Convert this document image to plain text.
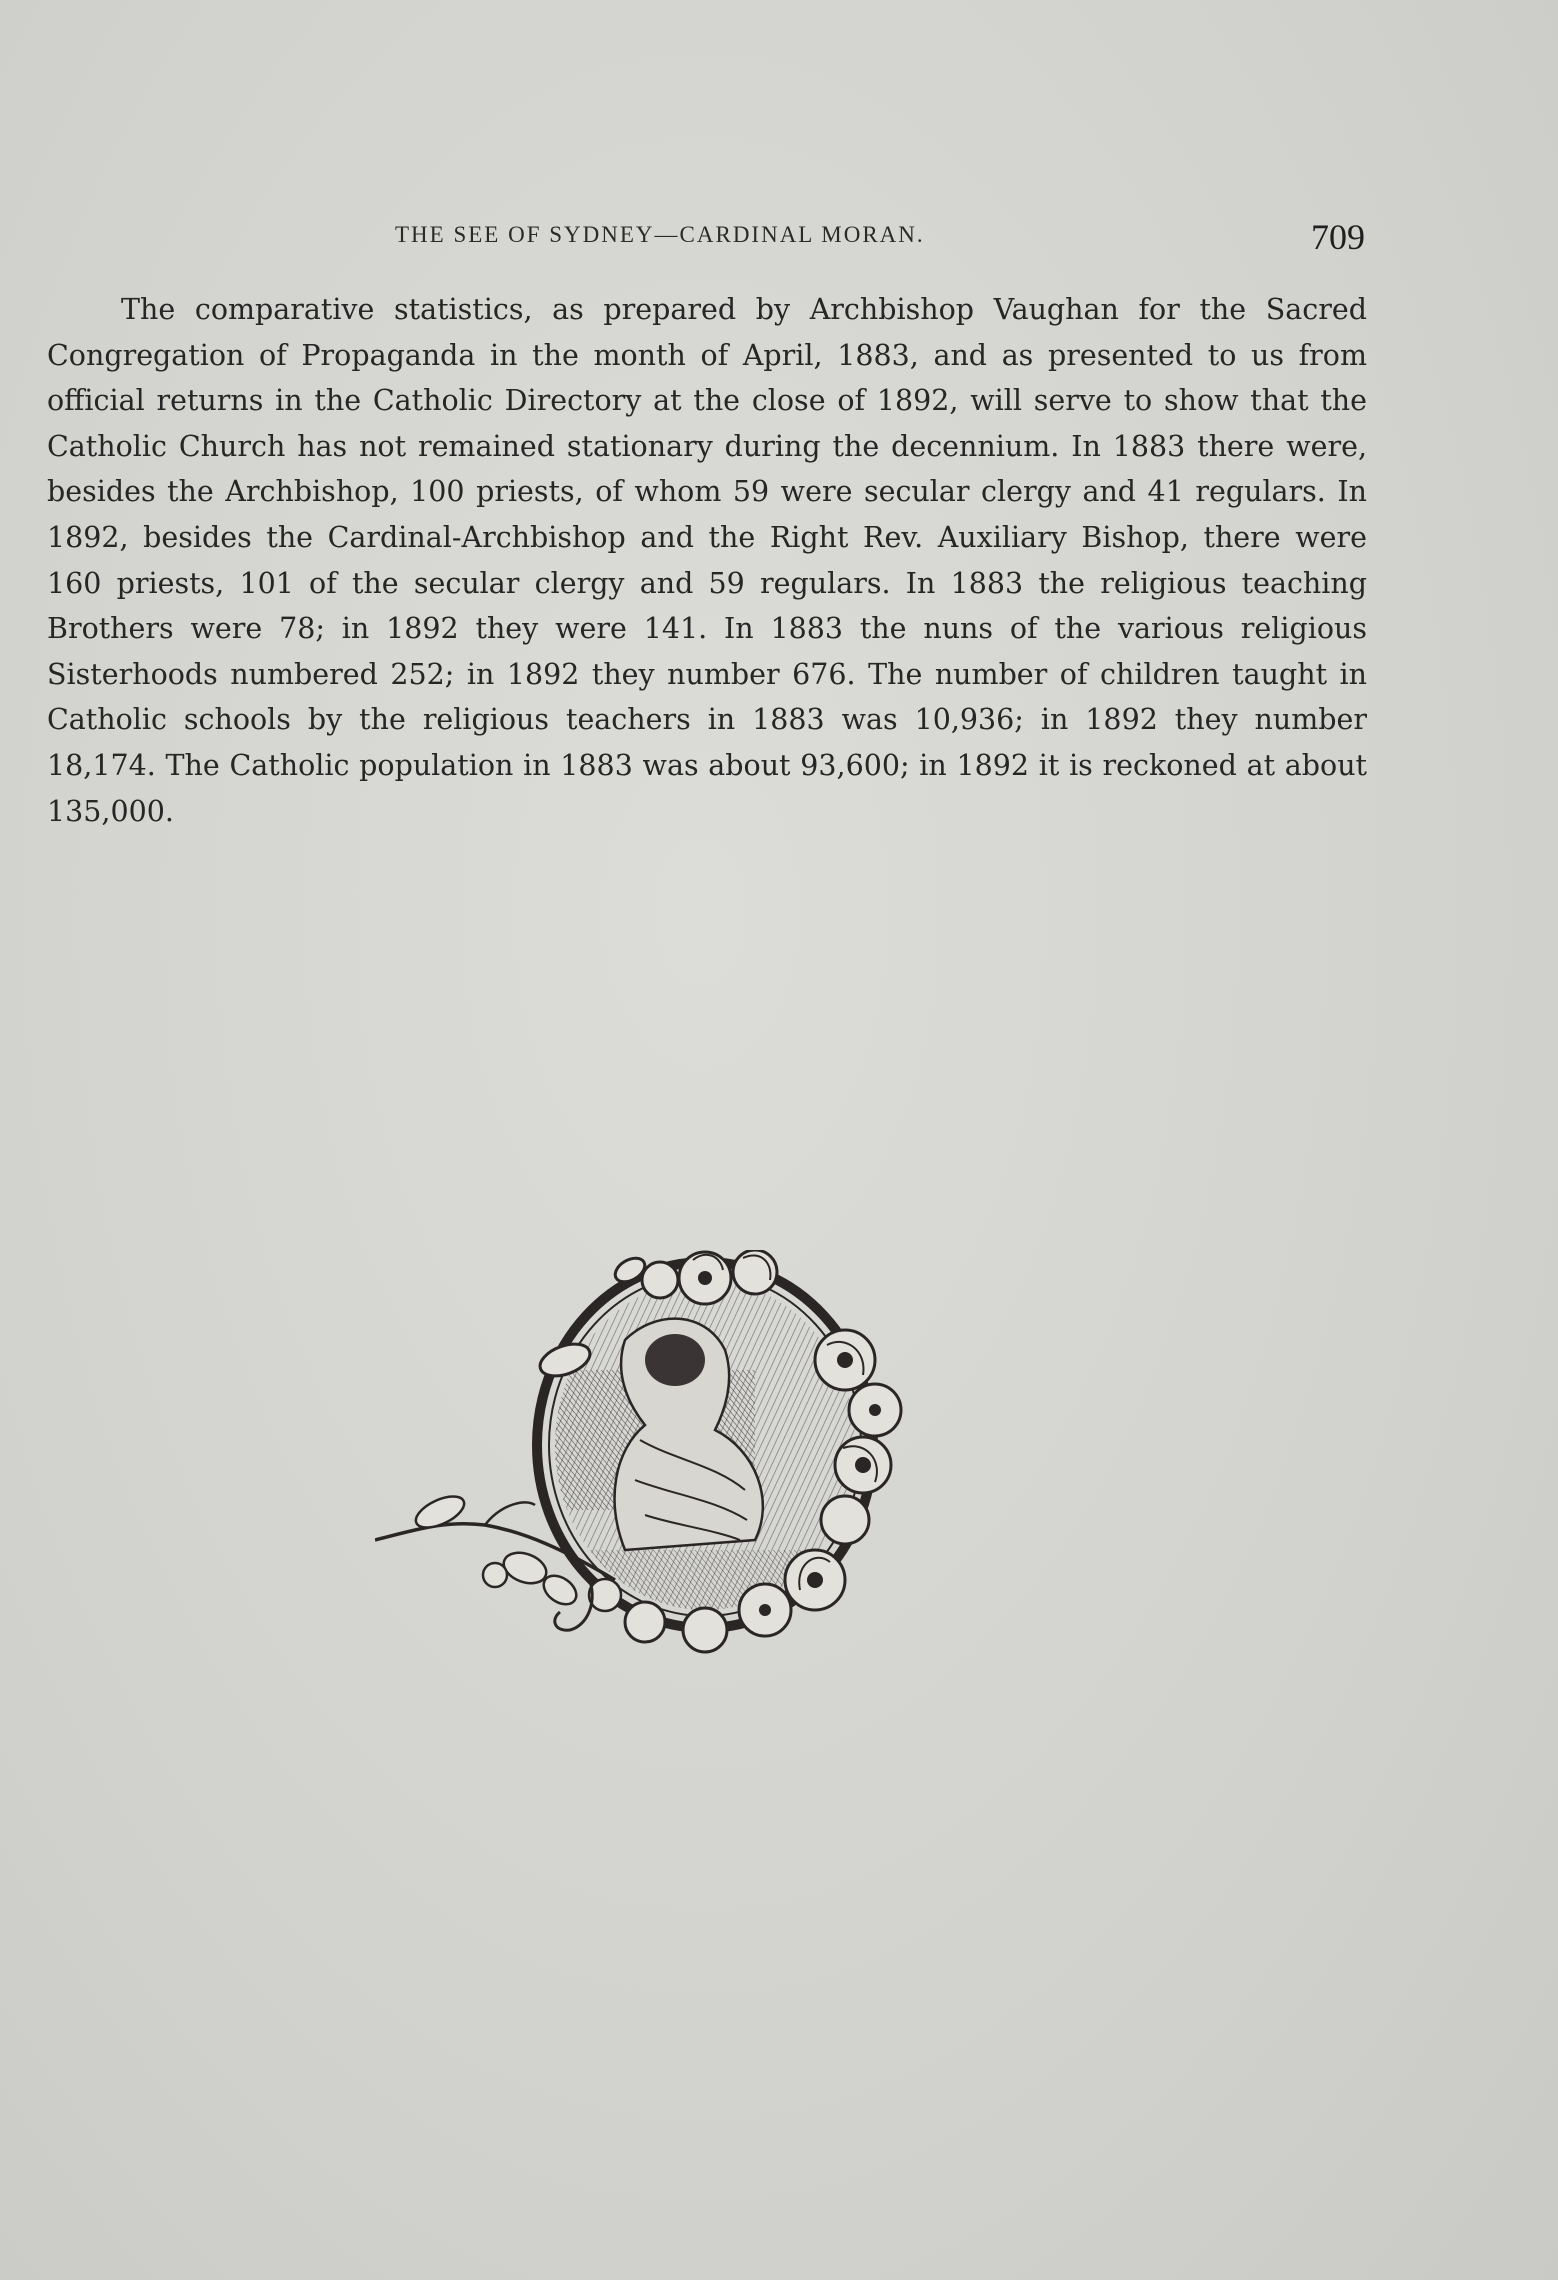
THE SEE OF SYDNEY—CARDINAL MORAN.	709

The comparative statistics, as prepared by Archbishop Vaughan for the Sacred Congregation of Propaganda in the month of April, 1883, and as presented to us from official returns in the Catholic Directory at the close of 1892, will serve to show that the Catholic Church has not remained stationary during the decennium. In 1883 there were, besides the Archbishop, 100 priests, of whom 59 were secular clergy and 41 regulars. In 1892, besides the Cardinal-Archbishop and the Right Rev. Auxiliary Bishop, there were 160 priests, 101 of the secular clergy and 59 regulars. In 1883 the religious teaching Brothers were 78; in 1892 they were 141. In 1883 the nuns of the various religious Sisterhoods numbered 252; in 1892 they number 676. The number of children taught in Catholic schools by the religious teachers in 1883 was 10,936; in 1892 they number 18,174. The Catholic population in 1883 was about 93,600; in 1892 it is reckoned at about 135,000.
